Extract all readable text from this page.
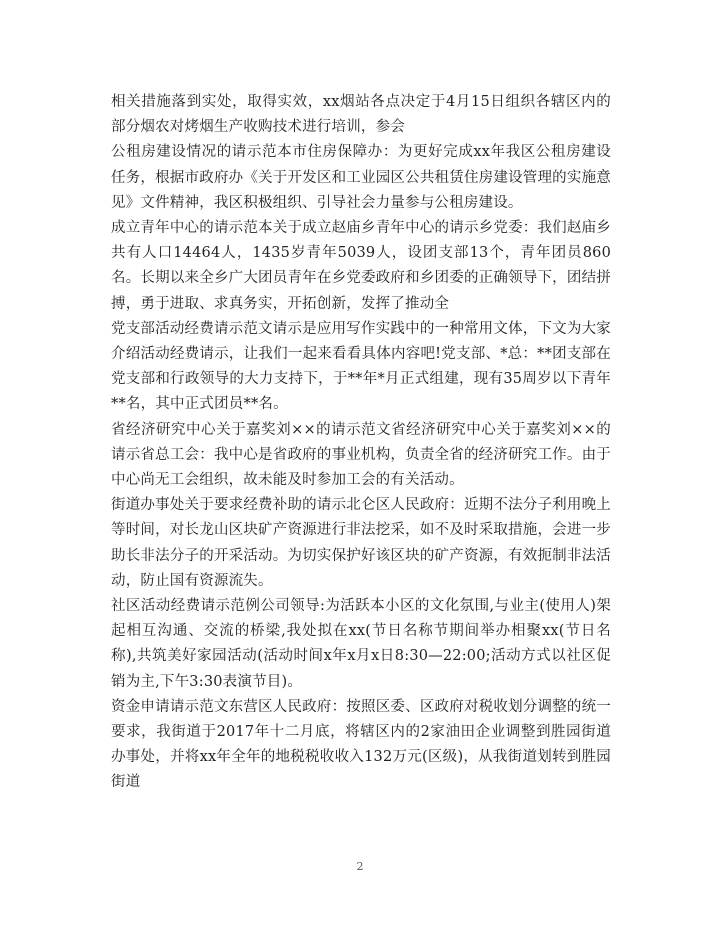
相关措施落到实处，取得实效，xx烟站各点决定于4月15日组织各辖区内的部分烟农对烤烟生产收购技术进行培训，参会

公租房建设情况的请示范本市住房保障办：为更好完成xx年我区公租房建设任务，根据市政府办《关于开发区和工业园区公共租赁住房建设管理的实施意见》文件精神，我区积极组织、引导社会力量参与公租房建设。

成立青年中心的请示范本关于成立赵庙乡青年中心的请示乡党委：我们赵庙乡共有人口14464人，1435岁青年5039人，设团支部13个，青年团员860名。长期以来全乡广大团员青年在乡党委政府和乡团委的正确领导下，团结拼搏，勇于进取、求真务实，开拓创新，发挥了推动全

党支部活动经费请示范文请示是应用写作实践中的一种常用文体，下文为大家介绍活动经费请示，让我们一起来看看具体内容吧!党支部、*总：**团支部在党支部和行政领导的大力支持下，于**年*月正式组建，现有35周岁以下青年**名，其中正式团员**名。

省经济研究中心关于嘉奖刘××的请示范文省经济研究中心关于嘉奖刘××的请示省总工会：我中心是省政府的事业机构，负责全省的经济研究工作。由于中心尚无工会组织，故未能及时参加工会的有关活动。

街道办事处关于要求经费补助的请示北仑区人民政府：近期不法分子利用晚上等时间，对长龙山区块矿产资源进行非法挖采，如不及时采取措施，会进一步助长非法分子的开采活动。为切实保护好该区块的矿产资源，有效扼制非法活动，防止国有资源流失。

社区活动经费请示范例公司领导:为活跃本小区的文化氛围,与业主(使用人)架起相互沟通、交流的桥梁,我处拟在xx(节日名称节期间举办相聚xx(节日名称),共筑美好家园活动(活动时间x年x月x日8:30—22:00;活动方式以社区促销为主,下午3:30表演节目)。

资金申请请示范文东营区人民政府：按照区委、区政府对税收划分调整的统一要求，我街道于2017年十二月底，将辖区内的2家油田企业调整到胜园街道办事处，并将xx年全年的地税税收收入132万元(区级)，从我街道划转到胜园街道

2
